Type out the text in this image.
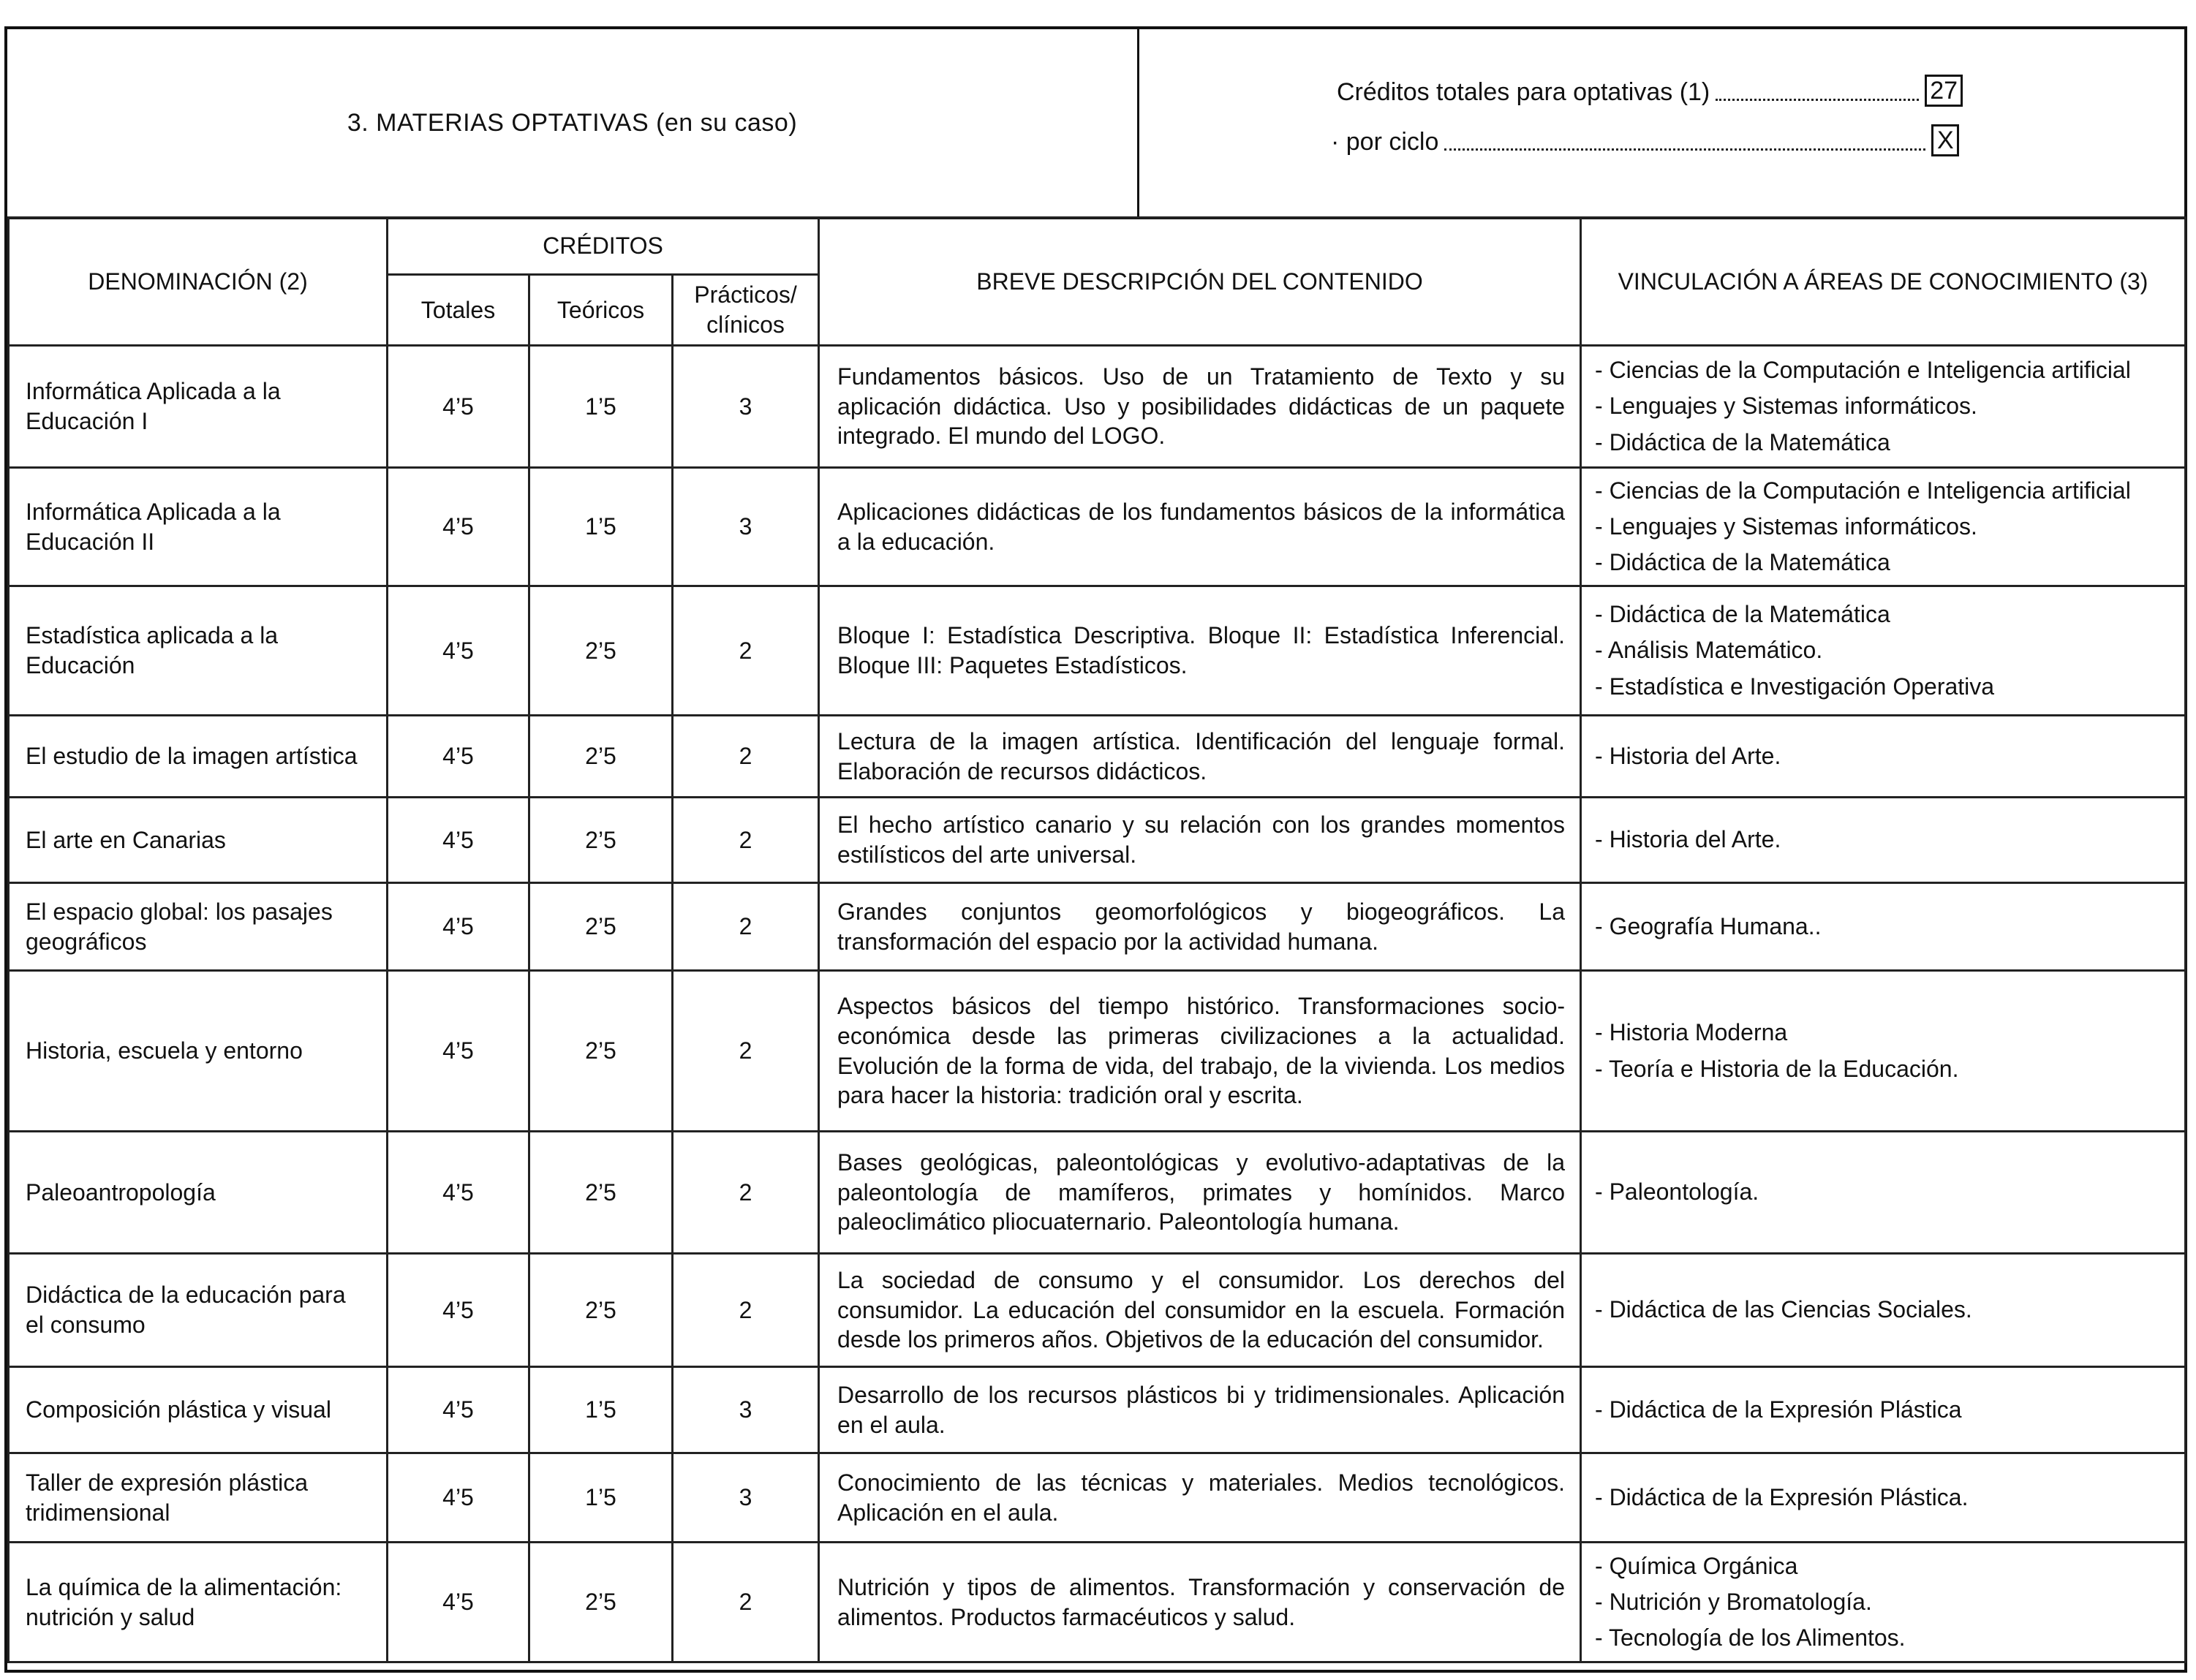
3. MATERIAS OPTATIVAS (en su caso)
Créditos totales para optativas (1)	27
· por ciclo	X
DENOMINACIÓN (2)	CRÉDITOS			BREVE DESCRIPCIÓN DEL CONTENIDO	VINCULACIÓN A ÁREAS DE CONOCIMIENTO (3)
	Totales	Teóricos	Prácticos/ clínicos		
Informática Aplicada a la Educación I	4’5	1’5	3	Fundamentos básicos. Uso de un Tratamiento de Texto y su aplicación didáctica. Uso y posibilidades didácticas de un paquete integrado. El mundo del LOGO.	- Ciencias de la Computación e Inteligencia artificial
- Lenguajes y Sistemas informáticos.
- Didáctica de la Matemática

Informática Aplicada a la Educación II	4’5	1’5	3	Aplicaciones didácticas de los fundamentos básicos de la informática a la educación.	- Ciencias de la Computación e Inteligencia artificial
- Lenguajes y Sistemas informáticos.
- Didáctica de la Matemática

Estadística aplicada a la Educación	4’5	2’5	2	Bloque I: Estadística Descriptiva. Bloque II: Estadística Inferencial. Bloque III: Paquetes Estadísticos.	- Didáctica de la Matemática
- Análisis Matemático.
- Estadística e Investigación Operativa

El estudio de la imagen artística	4’5	2’5	2	Lectura de la imagen artística. Identificación del lenguaje formal. Elaboración de recursos didácticos.	- Historia del Arte.

El arte en Canarias	4’5	2’5	2	El hecho artístico canario y su relación con los grandes momentos estilísticos del arte universal.	- Historia del Arte.

El espacio global: los pasajes geográficos	4’5	2’5	2	Grandes conjuntos geomorfológicos y biogeográficos. La transformación del espacio por la actividad humana.	- Geografía Humana..

Historia, escuela y entorno	4’5	2’5	2	Aspectos básicos del tiempo histórico. Transformaciones socio-económica desde las primeras civilizaciones a la actualidad. Evolución de la forma de vida, del trabajo, de la vivienda. Los medios para hacer la historia: tradición oral y escrita.	- Historia Moderna
- Teoría e Historia de la Educación.

Paleoantropología	4’5	2’5	2	Bases geológicas, paleontológicas y evolutivo-adaptativas de la paleontología de mamíferos, primates y homínidos. Marco paleoclimático pliocuaternario. Paleontología humana.	- Paleontología.

Didáctica de la educación para el consumo	4’5	2’5	2	La sociedad de consumo y el consumidor. Los derechos del consumidor. La educación del consumidor en la escuela. Formación desde los primeros años. Objetivos de la educación del consumidor.	- Didáctica de las Ciencias Sociales.

Composición plástica y visual	4’5	1’5	3	Desarrollo de los recursos plásticos bi y tridimensionales. Aplicación en el aula.	- Didáctica de la Expresión Plástica

Taller de expresión plástica tridimensional	4’5	1’5	3	Conocimiento de las técnicas y materiales. Medios tecnológicos. Aplicación en el aula.	- Didáctica de la Expresión Plástica.

La química de la alimentación: nutrición y salud	4’5	2’5	2	Nutrición y tipos de alimentos. Transformación y conservación de alimentos. Productos farmacéuticos y salud.	- Química Orgánica
- Nutrición y Bromatología.
- Tecnología de los Alimentos.
